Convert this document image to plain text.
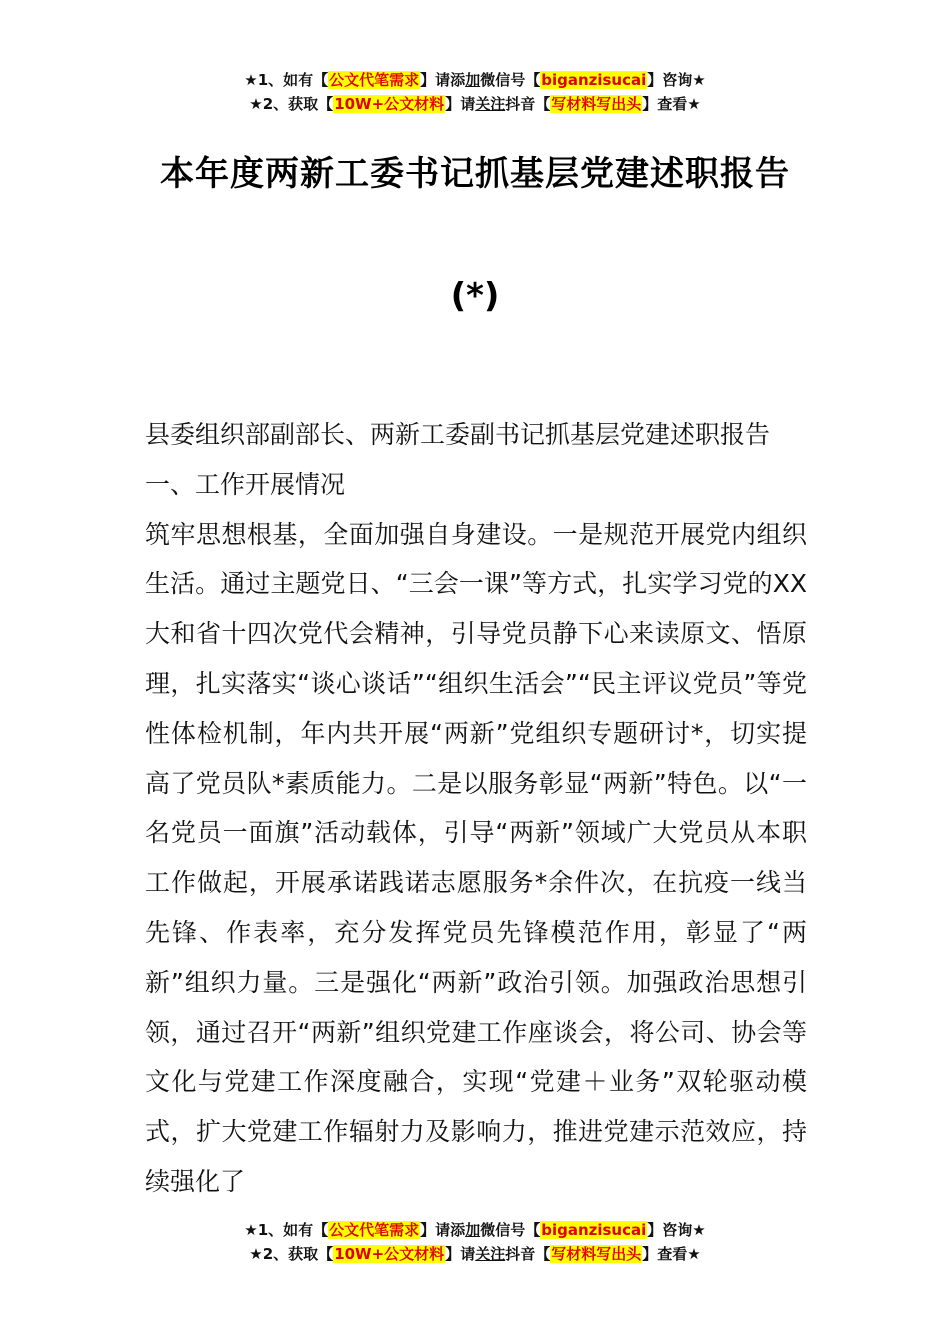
★1、如有【公文代笔需求】请添加微信号【biganzisucai】咨询★
★2、获取【10W+公文材料】请关注抖音【写材料写出头】查看★
本年度两新工委书记抓基层党建述职报告
(*)

县委组织部副部长、两新工委副书记抓基层党建述职报告

一、工作开展情况

筑牢思想根基，全面加强自身建设。一是规范开展党内组织生活。通过主题党日、“三会一课”等方式，扎实学习党的XX大和省十四次党代会精神，引导党员静下心来读原文、悟原理，扎实落实“谈心谈话”“组织生活会”“民主评议党员”等党性体检机制，年内共开展“两新”党组织专题研讨*，切实提高了党员队*素质能力。二是以服务彰显“两新”特色。以“一名党员一面旗”活动载体，引导“两新”领域广大党员从本职工作做起，开展承诺践诺志愿服务*余件次，在抗疫一线当先锋、作表率，充分发挥党员先锋模范作用，彰显了“两新”组织力量。三是强化“两新”政治引领。加强政治思想引领，通过召开“两新”组织党建工作座谈会，将公司、协会等文化与党建工作深度融合，实现“党建＋业务”双轮驱动模式，扩大党建工作辐射力及影响力，推进党建示范效应，持续强化了

★1、如有【公文代笔需求】请添加微信号【biganzisucai】咨询★
★2、获取【10W+公文材料】请关注抖音【写材料写出头】查看★
